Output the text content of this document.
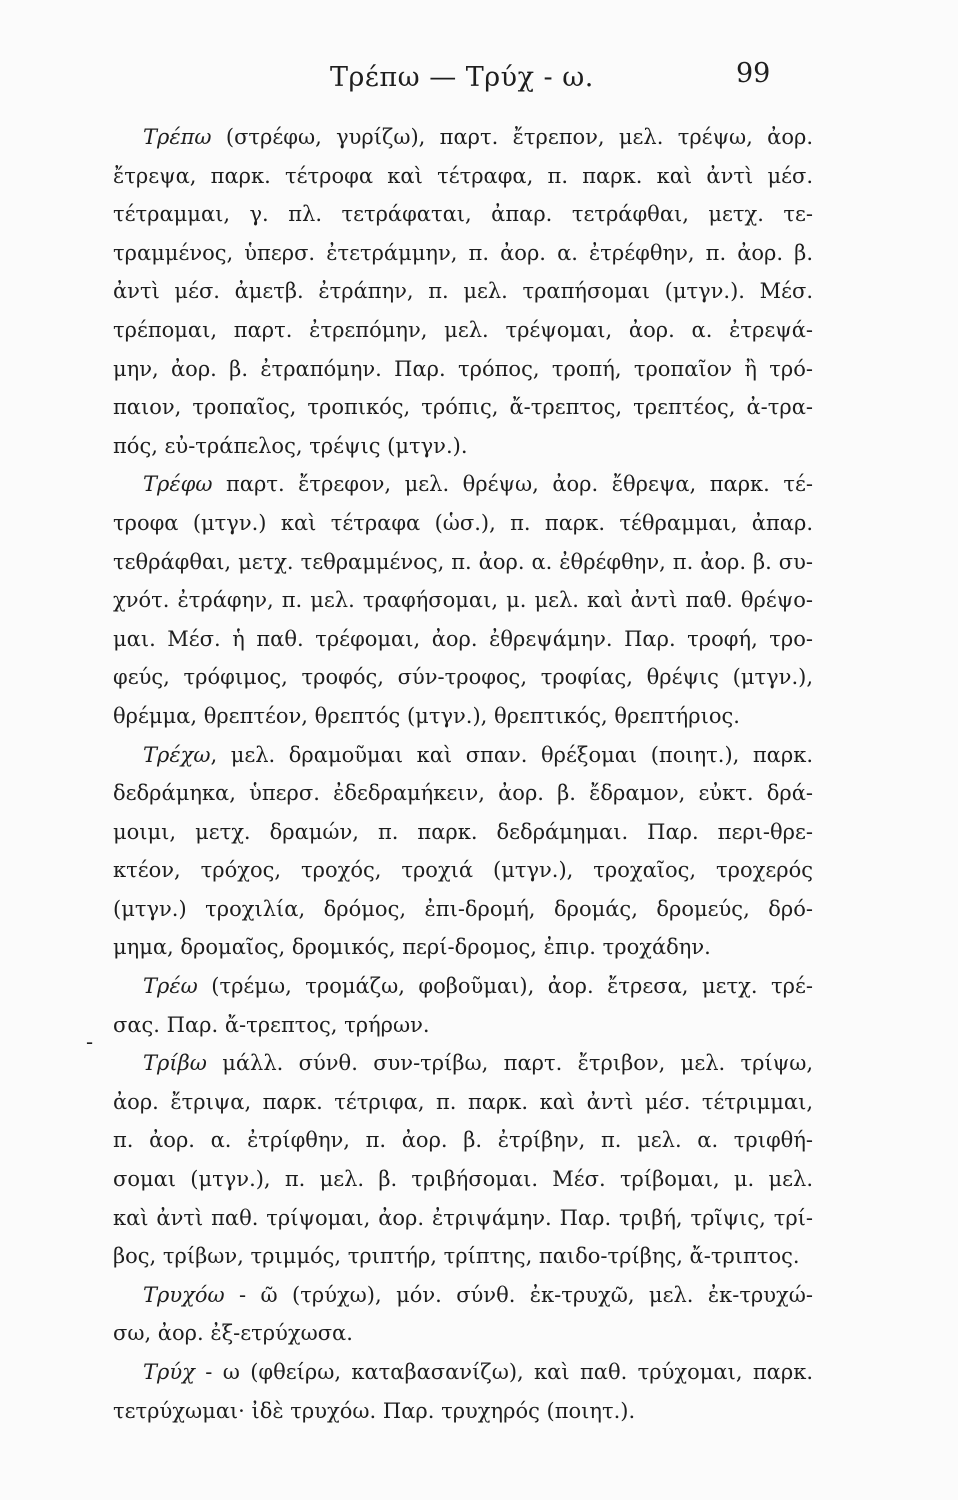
Τρέπω — Τρύχ - ω.	99
-
Τρέπω (στρέφω, γυρίζω), παρτ. ἔτρεπον, μελ. τρέψω, ἀορ.
ἔτρεψα, παρκ. τέτροφα καὶ τέτραφα, π. παρκ. καὶ ἀντὶ μέσ.
τέτραμμαι, γ. πλ. τετράφαται, ἀπαρ. τετράφθαι, μετχ. τε-
τραμμένος, ὑπερσ. ἐτετράμμην, π. ἀορ. α. ἐτρέφθην, π. ἀορ. β.
ἀντὶ μέσ. ἀμετβ. ἐτράπην, π. μελ. τραπήσομαι (μτγν.). Μέσ.
τρέπομαι, παρτ. ἐτρεπόμην, μελ. τρέψομαι, ἀορ. α. ἐτρεψά-
μην, ἀορ. β. ἐτραπόμην. Παρ. τρόπος, τροπή, τροπαῖον ἢ τρό-
παιον, τροπαῖος, τροπικός, τρόπις, ἄ-τρεπτος, τρεπτέος, ἀ-τρα-
πός, εὐ-τράπελος, τρέψις (μτγν.).
Τρέφω παρτ. ἔτρεφον, μελ. θρέψω, ἀορ. ἔθρεψα, παρκ. τέ-
τροφα (μτγν.) καὶ τέτραφα (ὡσ.), π. παρκ. τέθραμμαι, ἀπαρ.
τεθράφθαι, μετχ. τεθραμμένος, π. ἀορ. α. ἐθρέφθην, π. ἀορ. β. συ-
χνότ. ἐτράφην, π. μελ. τραφήσομαι, μ. μελ. καὶ ἀντὶ παθ. θρέψο-
μαι. Μέσ. ἡ παθ. τρέφομαι, ἀορ. ἐθρεψάμην. Παρ. τροφή, τρο-
φεύς, τρόφιμος, τροφός, σύν-τροφος, τροφίας, θρέψις (μτγν.),
θρέμμα, θρεπτέον, θρεπτός (μτγν.), θρεπτικός, θρεπτήριος.
Τρέχω, μελ. δραμοῦμαι καὶ σπαν. θρέξομαι (ποιητ.), παρκ.
δεδράμηκα, ὑπερσ. ἐδεδραμήκειν, ἀορ. β. ἔδραμον, εὐκτ. δρά-
μοιμι, μετχ. δραμών, π. παρκ. δεδράμημαι. Παρ. περι-θρε-
κτέον, τρόχος, τροχός, τροχιά (μτγν.), τροχαῖος, τροχερός
(μτγν.) τροχιλία, δρόμος, ἐπι-δρομή, δρομάς, δρομεύς, δρό-
μημα, δρομαῖος, δρομικός, περί-δρομος, ἐπιρ. τροχάδην.
Τρέω (τρέμω, τρομάζω, φοβοῦμαι), ἀορ. ἔτρεσα, μετχ. τρέ-
σας. Παρ. ἄ-τρεπτος, τρήρων.
Τρίβω μάλλ. σύνθ. συν-τρίβω, παρτ. ἔτριβον, μελ. τρίψω,
ἀορ. ἔτριψα, παρκ. τέτριφα, π. παρκ. καὶ ἀντὶ μέσ. τέτριμμαι,
π. ἀορ. α. ἐτρίφθην, π. ἀορ. β. ἐτρίβην, π. μελ. α. τριφθή-
σομαι (μτγν.), π. μελ. β. τριβήσομαι. Μέσ. τρίβομαι, μ. μελ.
καὶ ἀντὶ παθ. τρίψομαι, ἀορ. ἐτριψάμην. Παρ. τριβή, τρῖψις, τρί-
βος, τρίβων, τριμμός, τριπτήρ, τρίπτης, παιδο-τρίβης, ἄ-τριπτος.
Τρυχόω - ῶ (τρύχω), μόν. σύνθ. ἐκ-τρυχῶ, μελ. ἐκ-τρυχώ-
σω, ἀορ. ἐξ-ετρύχωσα.
Τρύχ - ω (φθείρω, καταβασανίζω), καὶ παθ. τρύχομαι, παρκ.
τετρύχωμαι· ἰδὲ τρυχόω. Παρ. τρυχηρός (ποιητ.).
